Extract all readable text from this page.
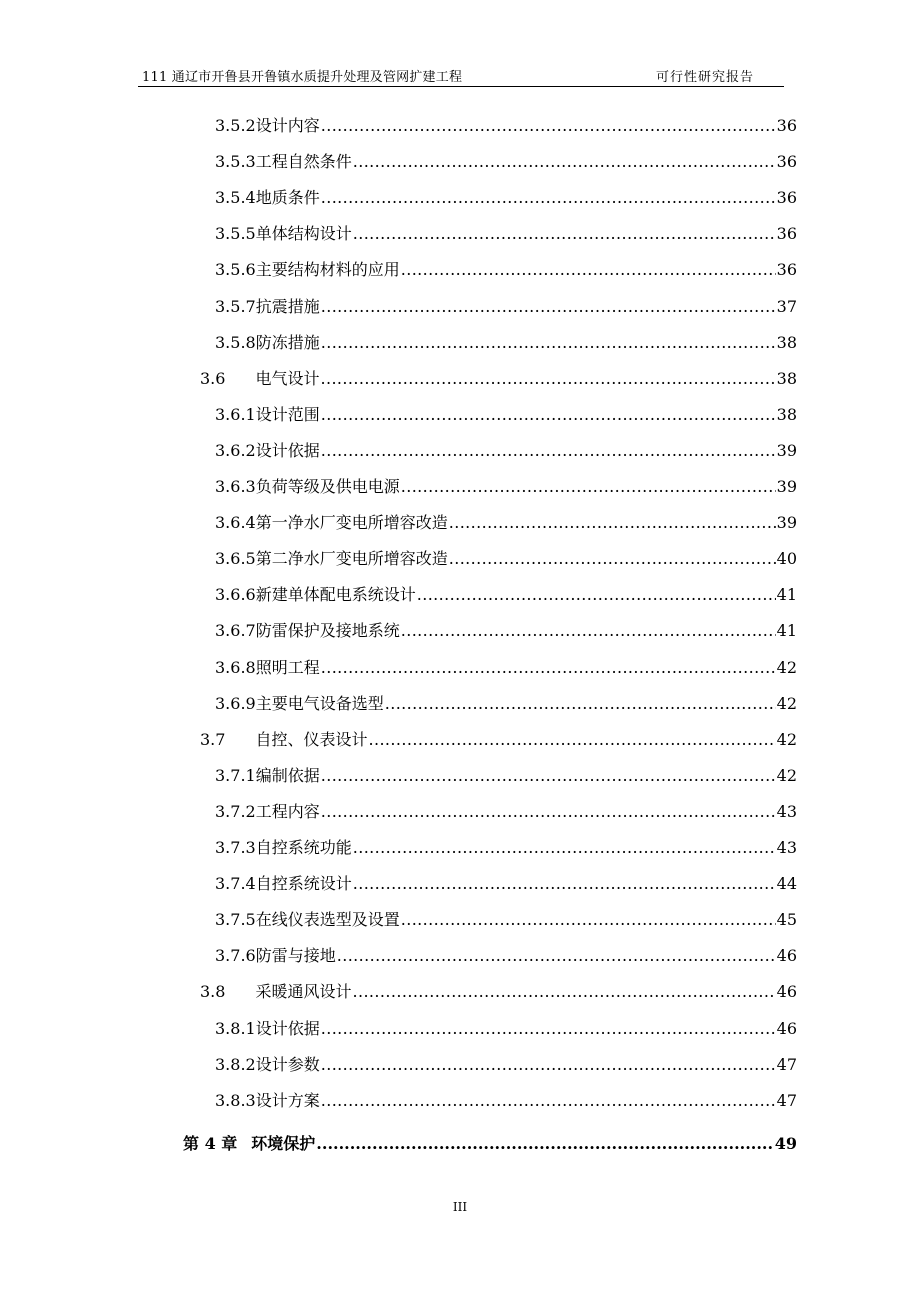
111 通辽市开鲁县开鲁镇水质提升处理及管网扩建工程	可行性研究报告
3.5.2设计内容 .....	36
3.5.3工程自然条件 .....	36
3.5.4地质条件 .....	36
3.5.5单体结构设计 .....	36
3.5.6主要结构材料的应用 .....	36
3.5.7抗震措施 .....	37
3.5.8防冻措施 .....	38
3.6 电气设计 .....	38
3.6.1设计范围 .....	38
3.6.2设计依据 .....	39
3.6.3负荷等级及供电电源 .....	39
3.6.4第一净水厂变电所增容改造 .....	39
3.6.5第二净水厂变电所增容改造 .....	40
3.6.6新建单体配电系统设计 .....	41
3.6.7防雷保护及接地系统 .....	41
3.6.8照明工程 .....	42
3.6.9主要电气设备选型 .....	42
3.7 自控、仪表设计 .....	42
3.7.1编制依据 .....	42
3.7.2工程内容 .....	43
3.7.3自控系统功能 .....	43
3.7.4自控系统设计 .....	44
3.7.5在线仪表选型及设置 .....	45
3.7.6防雷与接地 .....	46
3.8 采暖通风设计 .....	46
3.8.1设计依据 .....	46
3.8.2设计参数 .....	47
3.8.3设计方案 .....	47
第 4 章 环境保护 .....	49
III
